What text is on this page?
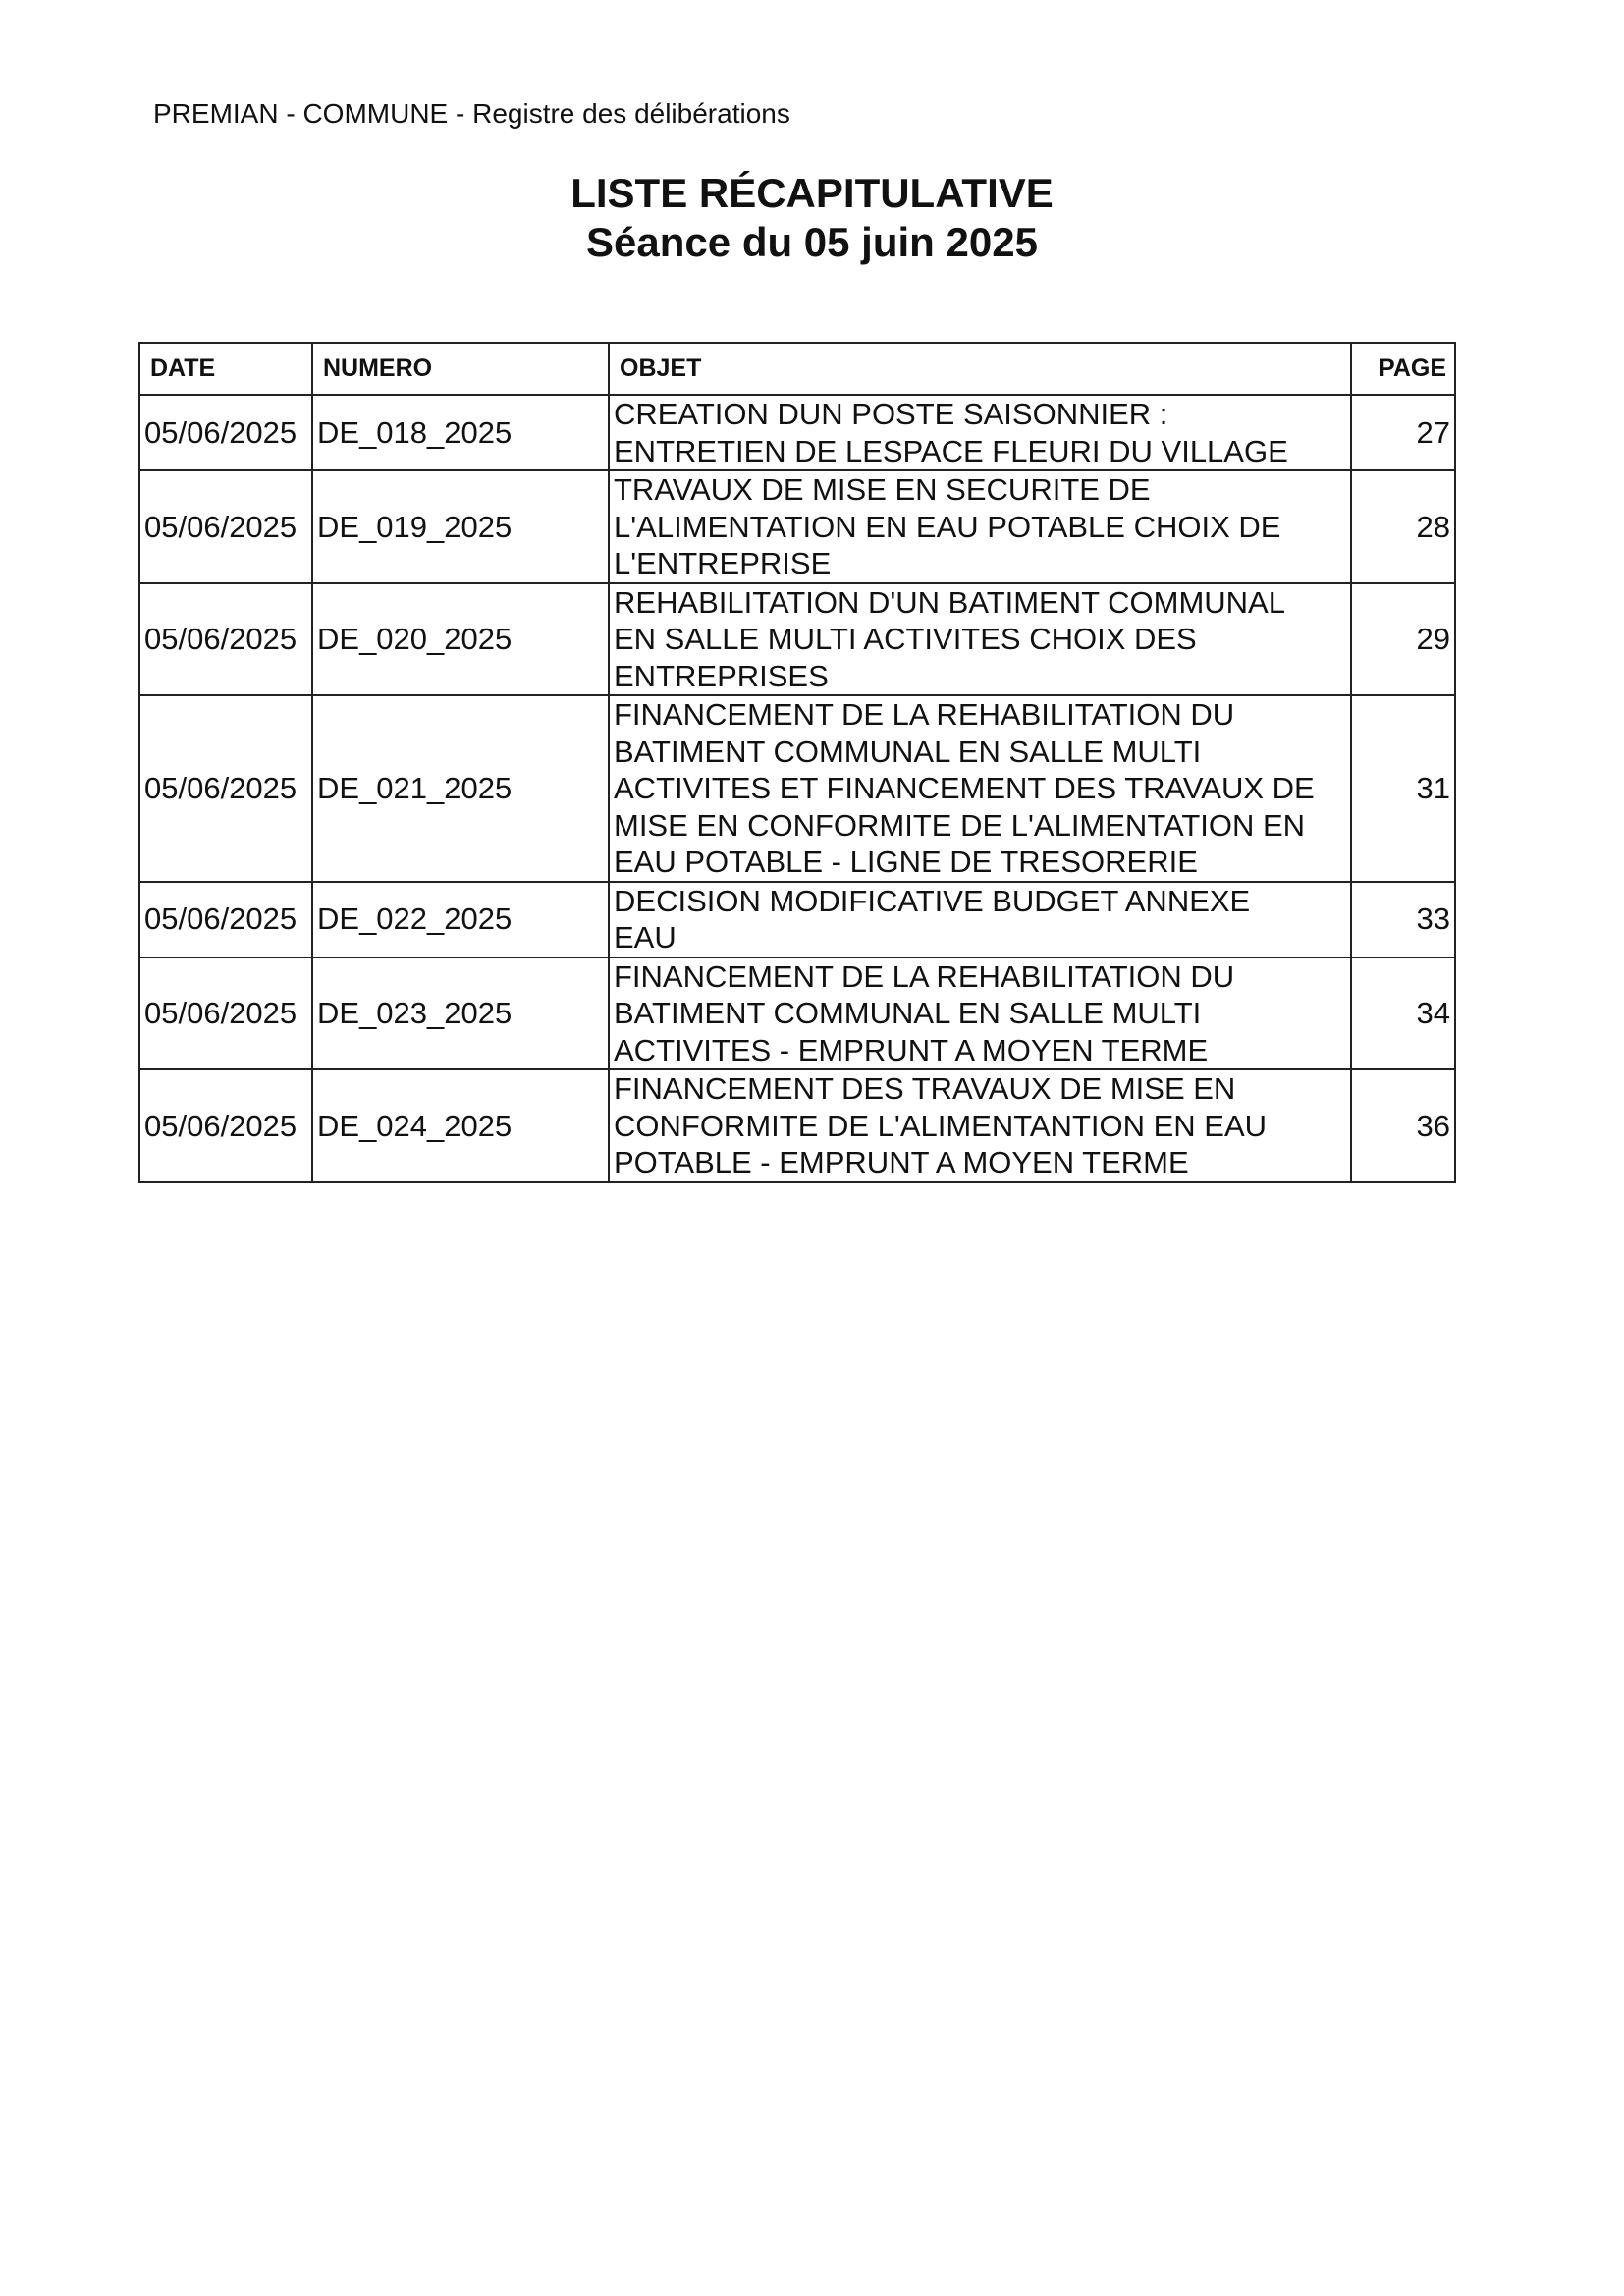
PREMIAN - COMMUNE - Registre des délibérations
LISTE RÉCAPITULATIVE
Séance du 05 juin 2025
DATE	NUMERO	OBJET	PAGE
05/06/2025	DE_018_2025	CREATION DUN POSTE SAISONNIER :
ENTRETIEN DE LESPACE FLEURI DU VILLAGE	27
05/06/2025	DE_019_2025	TRAVAUX DE MISE EN SECURITE DE
L'ALIMENTATION EN EAU POTABLE CHOIX DE
L'ENTREPRISE	28
05/06/2025	DE_020_2025	REHABILITATION D'UN BATIMENT COMMUNAL
EN SALLE MULTI ACTIVITES CHOIX DES
ENTREPRISES	29
05/06/2025	DE_021_2025	FINANCEMENT DE LA REHABILITATION DU
BATIMENT COMMUNAL EN SALLE MULTI
ACTIVITES ET FINANCEMENT DES TRAVAUX DE
MISE EN CONFORMITE DE L'ALIMENTATION EN
EAU POTABLE - LIGNE DE TRESORERIE	31
05/06/2025	DE_022_2025	DECISION MODIFICATIVE BUDGET ANNEXE
EAU	33
05/06/2025	DE_023_2025	FINANCEMENT DE LA REHABILITATION DU
BATIMENT COMMUNAL EN SALLE MULTI
ACTIVITES - EMPRUNT A MOYEN TERME	34
05/06/2025	DE_024_2025	FINANCEMENT DES TRAVAUX DE MISE EN
CONFORMITE DE L'ALIMENTANTION EN EAU
POTABLE - EMPRUNT A MOYEN TERME	36
